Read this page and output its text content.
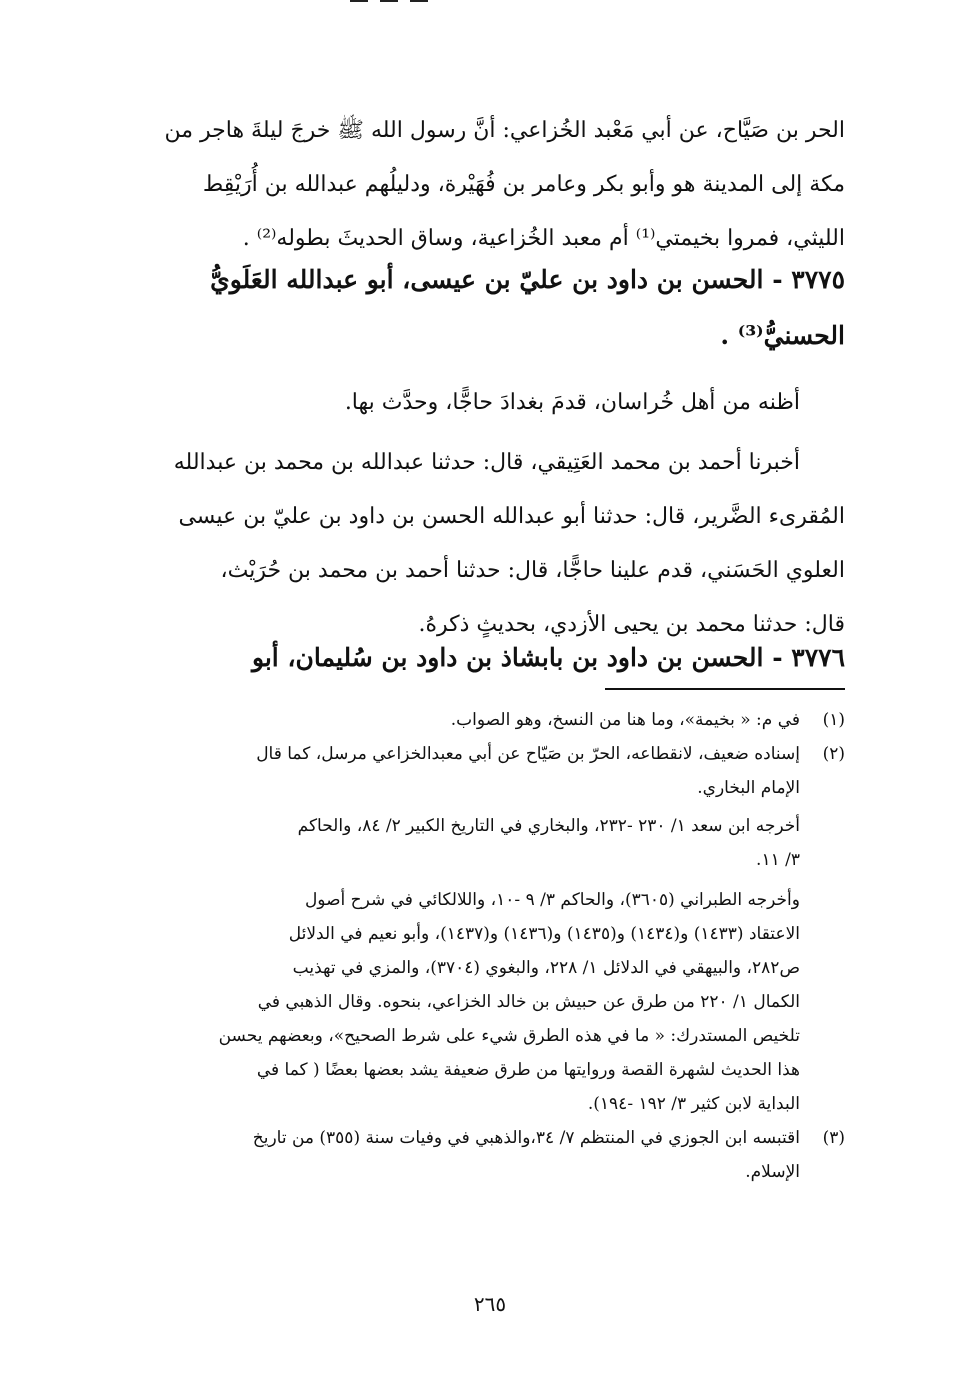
الحر بن صَيَّاح، عن أبي مَعْبد الخُزاعي: أنَّ رسول الله ﷺ خرجَ ليلةَ هاجر من
مكة إلى المدينة هو وأبو بكر وعامر بن فُهَيْرة، ودليلُهم عبدالله بن أُرَيْقِط
الليثي، فمروا بخيمتي⁽¹⁾ أم معبد الخُزاعية، وساق الحديثَ بطوله⁽²⁾ .
٣٧٧٥ - الحسن بن داود بن عليّ بن عيسى، أبو عبدالله العَلَويُّ
الحسنيُّ⁽³⁾ .
أظنه من أهل خُراسان، قدمَ بغدادَ حاجًّا، وحدَّث بها.
أخبرنا أحمد بن محمد العَتِيقي، قال: حدثنا عبدالله بن محمد بن عبدالله
المُقرىء الضَّرير، قال: حدثنا أبو عبدالله الحسن بن داود بن عليّ بن عيسى
العلوي الحَسَني، قدم علينا حاجًّا، قال: حدثنا أحمد بن محمد بن حُرَيْث،
قال: حدثنا محمد بن يحيى الأزدي، بحديثٍ ذكرهُ.
٣٧٧٦ - الحسن بن داود بن بابشاذ بن داود بن سُليمان، أبو
(١)في م: « بخيمة»، وما هنا من النسخ، وهو الصواب.
(٢)إسناده ضعيف، لانقطاعه، الحرّ بن صَيّاح عن أبي معبدالخزاعي مرسل، كما قال
الإمام البخاري.
أخرجه ابن سعد ١/ ٢٣٠ -٢٣٢، والبخاري في التاريخ الكبير ٢/ ٨٤، والحاكم
٣/ ١١.
وأخرجه الطبراني (٣٦٠٥)، والحاكم ٣/ ٩ -١٠، واللالكائي في شرح أصول
الاعتقاد (١٤٣٣) و(١٤٣٤) و(١٤٣٥) و(١٤٣٦) و(١٤٣٧)، وأبو نعيم في الدلائل
ص٢٨٢، والبيهقي في الدلائل ١/ ٢٢٨، والبغوي (٣٧٠٤)، والمزي في تهذيب
الكمال ١/ ٢٢٠ من طرق عن حبيش بن خالد الخزاعي، بنحوه. وقال الذهبي في
تلخيص المستدرك: « ما في هذه الطرق شيء على شرط الصحيح»، وبعضهم يحسن
هذا الحديث لشهرة القصة وروايتها من طرق ضعيفة يشد بعضها بعضًا ( كما في
البداية لابن كثير ٣/ ١٩٢ -١٩٤).
(٣)اقتبسه ابن الجوزي في المنتظم ٧/ ٣٤،والذهبي في وفيات سنة (٣٥٥) من تاريخ
الإسلام.
٢٦٥
